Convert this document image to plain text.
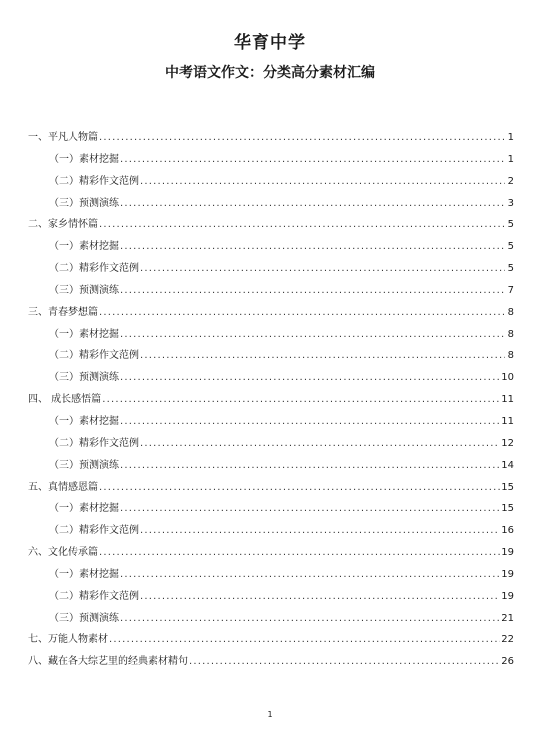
华育中学
中考语文作文：分类高分素材汇编
一、平凡人物篇 .....	1
（一）素材挖掘 .....	1
（二）精彩作文范例 .....	2
（三）预测演练 .....	3
二、家乡情怀篇 .....	5
（一）素材挖掘 .....	5
（二）精彩作文范例 .....	5
（三）预测演练 .....	7
三、青春梦想篇 .....	8
（一）素材挖掘 .....	8
（二）精彩作文范例 .....	8
（三）预测演练 .....	10
四、 成长感悟篇 .....	11
（一）素材挖掘 .....	11
（二）精彩作文范例 .....	12
（三）预测演练 .....	14
五、真情感恩篇 .....	15
（一）素材挖掘 .....	15
（二）精彩作文范例 .....	16
六、文化传承篇 .....	19
（一）素材挖掘 .....	19
（二）精彩作文范例 .....	19
（三）预测演练 .....	21
七、万能人物素材 .....	22
八、藏在各大综艺里的经典素材精句 .....	26
1
